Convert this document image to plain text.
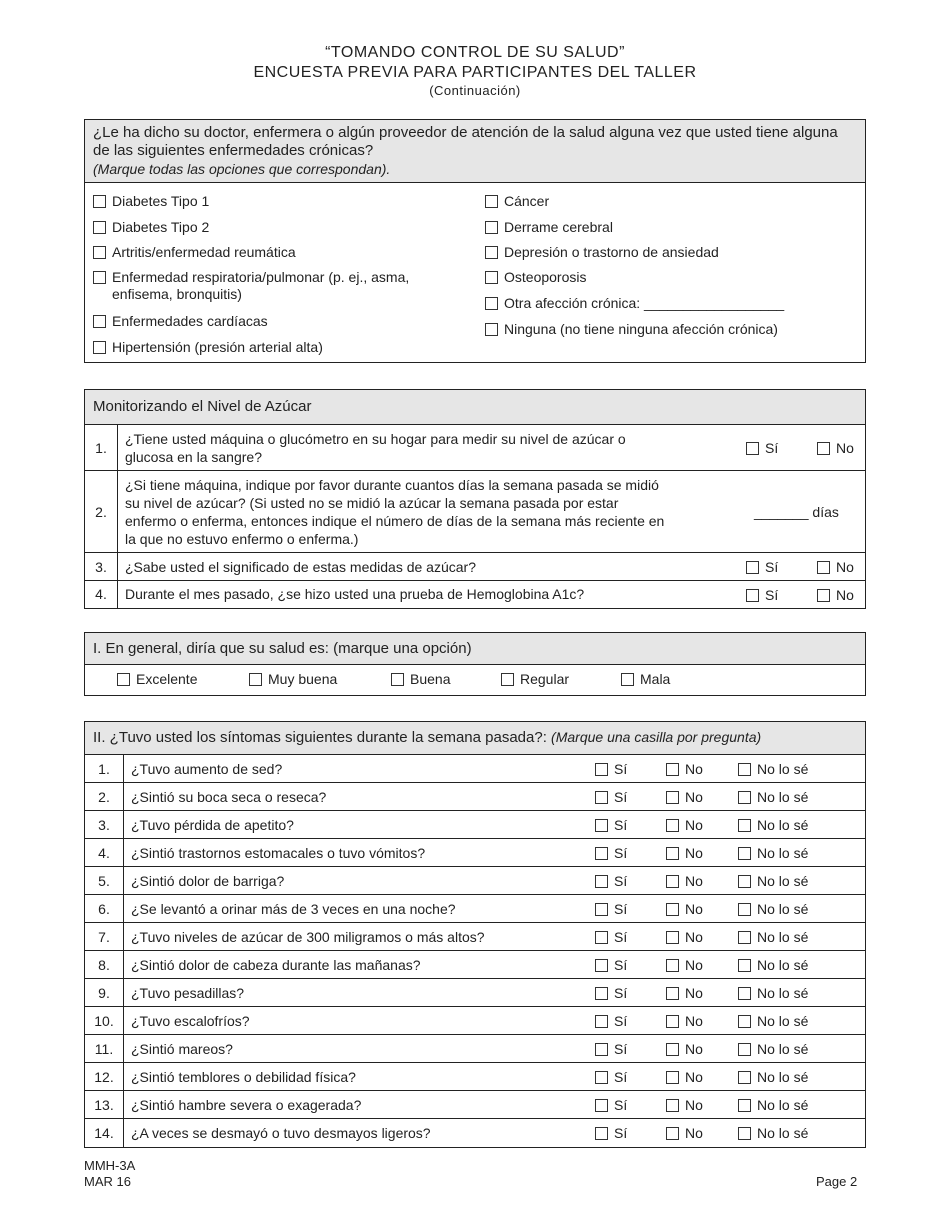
“TOMANDO CONTROL DE SU SALUD”
ENCUESTA PREVIA PARA PARTICIPANTES DEL TALLER
(Continuación)
¿Le ha dicho su doctor, enfermera o algún proveedor de atención de la salud alguna vez que usted tiene alguna de las siguientes enfermedades crónicas?
(Marque todas las opciones que correspondan).
Diabetes Tipo 1
Diabetes Tipo 2
Artritis/enfermedad reumática
Enfermedad respiratoria/pulmonar (p. ej., asma, enfisema, bronquitis)
Enfermedades cardíacas
Hipertensión (presión arterial alta)
Cáncer
Derrame cerebral
Depresión o trastorno de ansiedad
Osteoporosis
Otra afección crónica: __________________
Ninguna (no tiene ninguna afección crónica)
Monitorizando el Nivel de Azúcar
1.	¿Tiene usted máquina o glucómetro en su hogar para medir su nivel de azúcar o glucosa en la sangre?
Sí No

2.	¿Si tiene máquina, indique por favor durante cuantos días la semana pasada se midió su nivel de azúcar? (Si usted no se midió la azúcar la semana pasada por estar enfermo o enferma, entonces indique el número de días de la semana más reciente en la que no estuvo enfermo o enferma.)
_______ días

3.	¿Sabe usted el significado de estas medidas de azúcar? Sí No

4.	Durante el mes pasado, ¿se hizo usted una prueba de Hemoglobina A1c? Sí No
I. En general, diría que su salud es: (marque una opción)
Excelente	Muy buena	Buena	Regular	Mala
II. ¿Tuvo usted los síntomas siguientes durante la semana pasada?: (Marque una casilla por pregunta)
1.	¿Tuvo aumento de sed? Sí No No lo sé

2.	¿Sintió su boca seca o reseca? Sí No No lo sé

3.	¿Tuvo pérdida de apetito? Sí No No lo sé

4.	¿Sintió trastornos estomacales o tuvo vómitos? Sí No No lo sé

5.	¿Sintió dolor de barriga? Sí No No lo sé

6.	¿Se levantó a orinar más de 3 veces en una noche? Sí No No lo sé

7.	¿Tuvo niveles de azúcar de 300 miligramos o más altos? Sí No No lo sé

8.	¿Sintió dolor de cabeza durante las mañanas? Sí No No lo sé

9.	¿Tuvo pesadillas? Sí No No lo sé

10.	¿Tuvo escalofríos? Sí No No lo sé

11.	¿Sintió mareos? Sí No No lo sé

12.	¿Sintió temblores o debilidad física? Sí No No lo sé

13.	¿Sintió hambre severa o exagerada? Sí No No lo sé

14.	¿A veces se desmayó o tuvo desmayos ligeros? Sí No No lo sé
MMH-3A
MAR 16	Page 2
